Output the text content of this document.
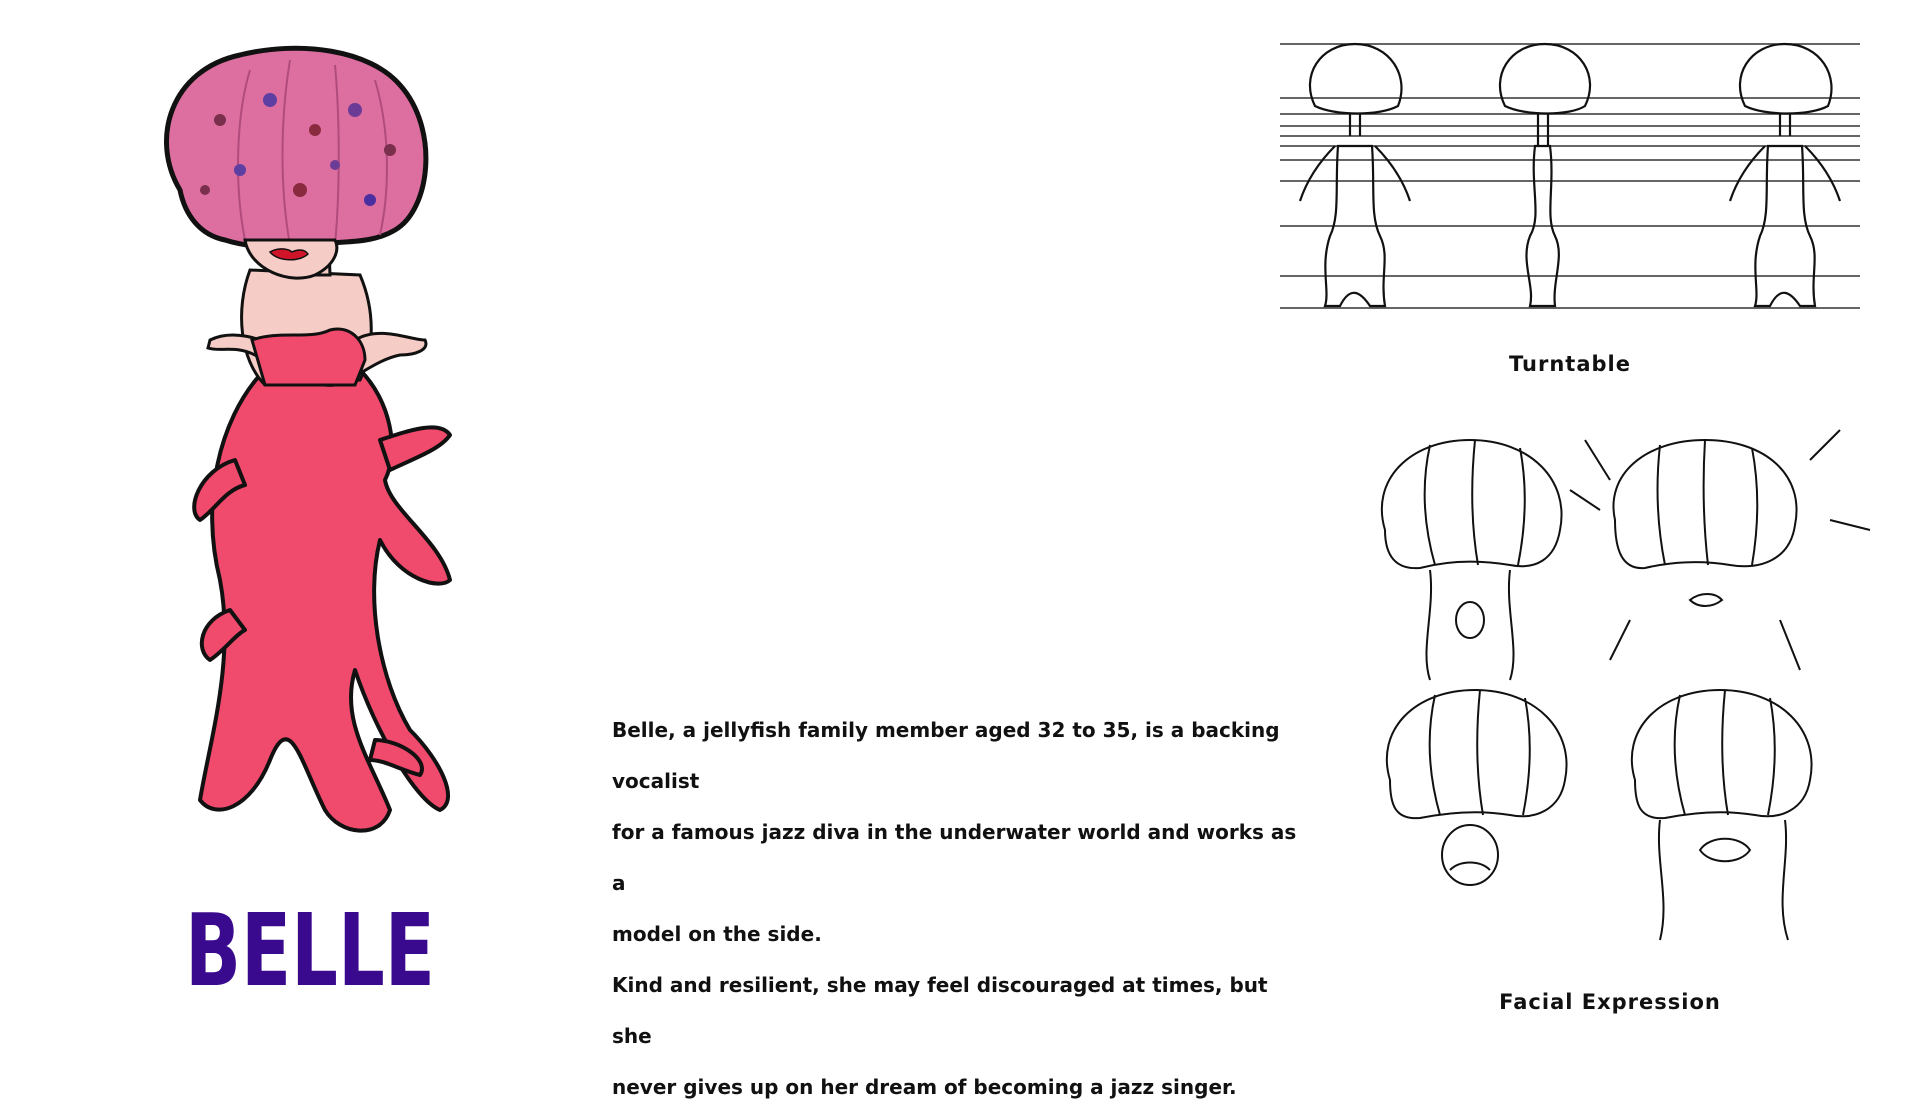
BELLE

Belle, a jellyfish family member aged 32 to 35, is a backing vocalist

for a famous jazz diva in the underwater world and works as a

model on the side.

Kind and resilient, she may feel discouraged at times, but she

never gives up on her dream of becoming a jazz singer.

Turntable
Facial Expression
